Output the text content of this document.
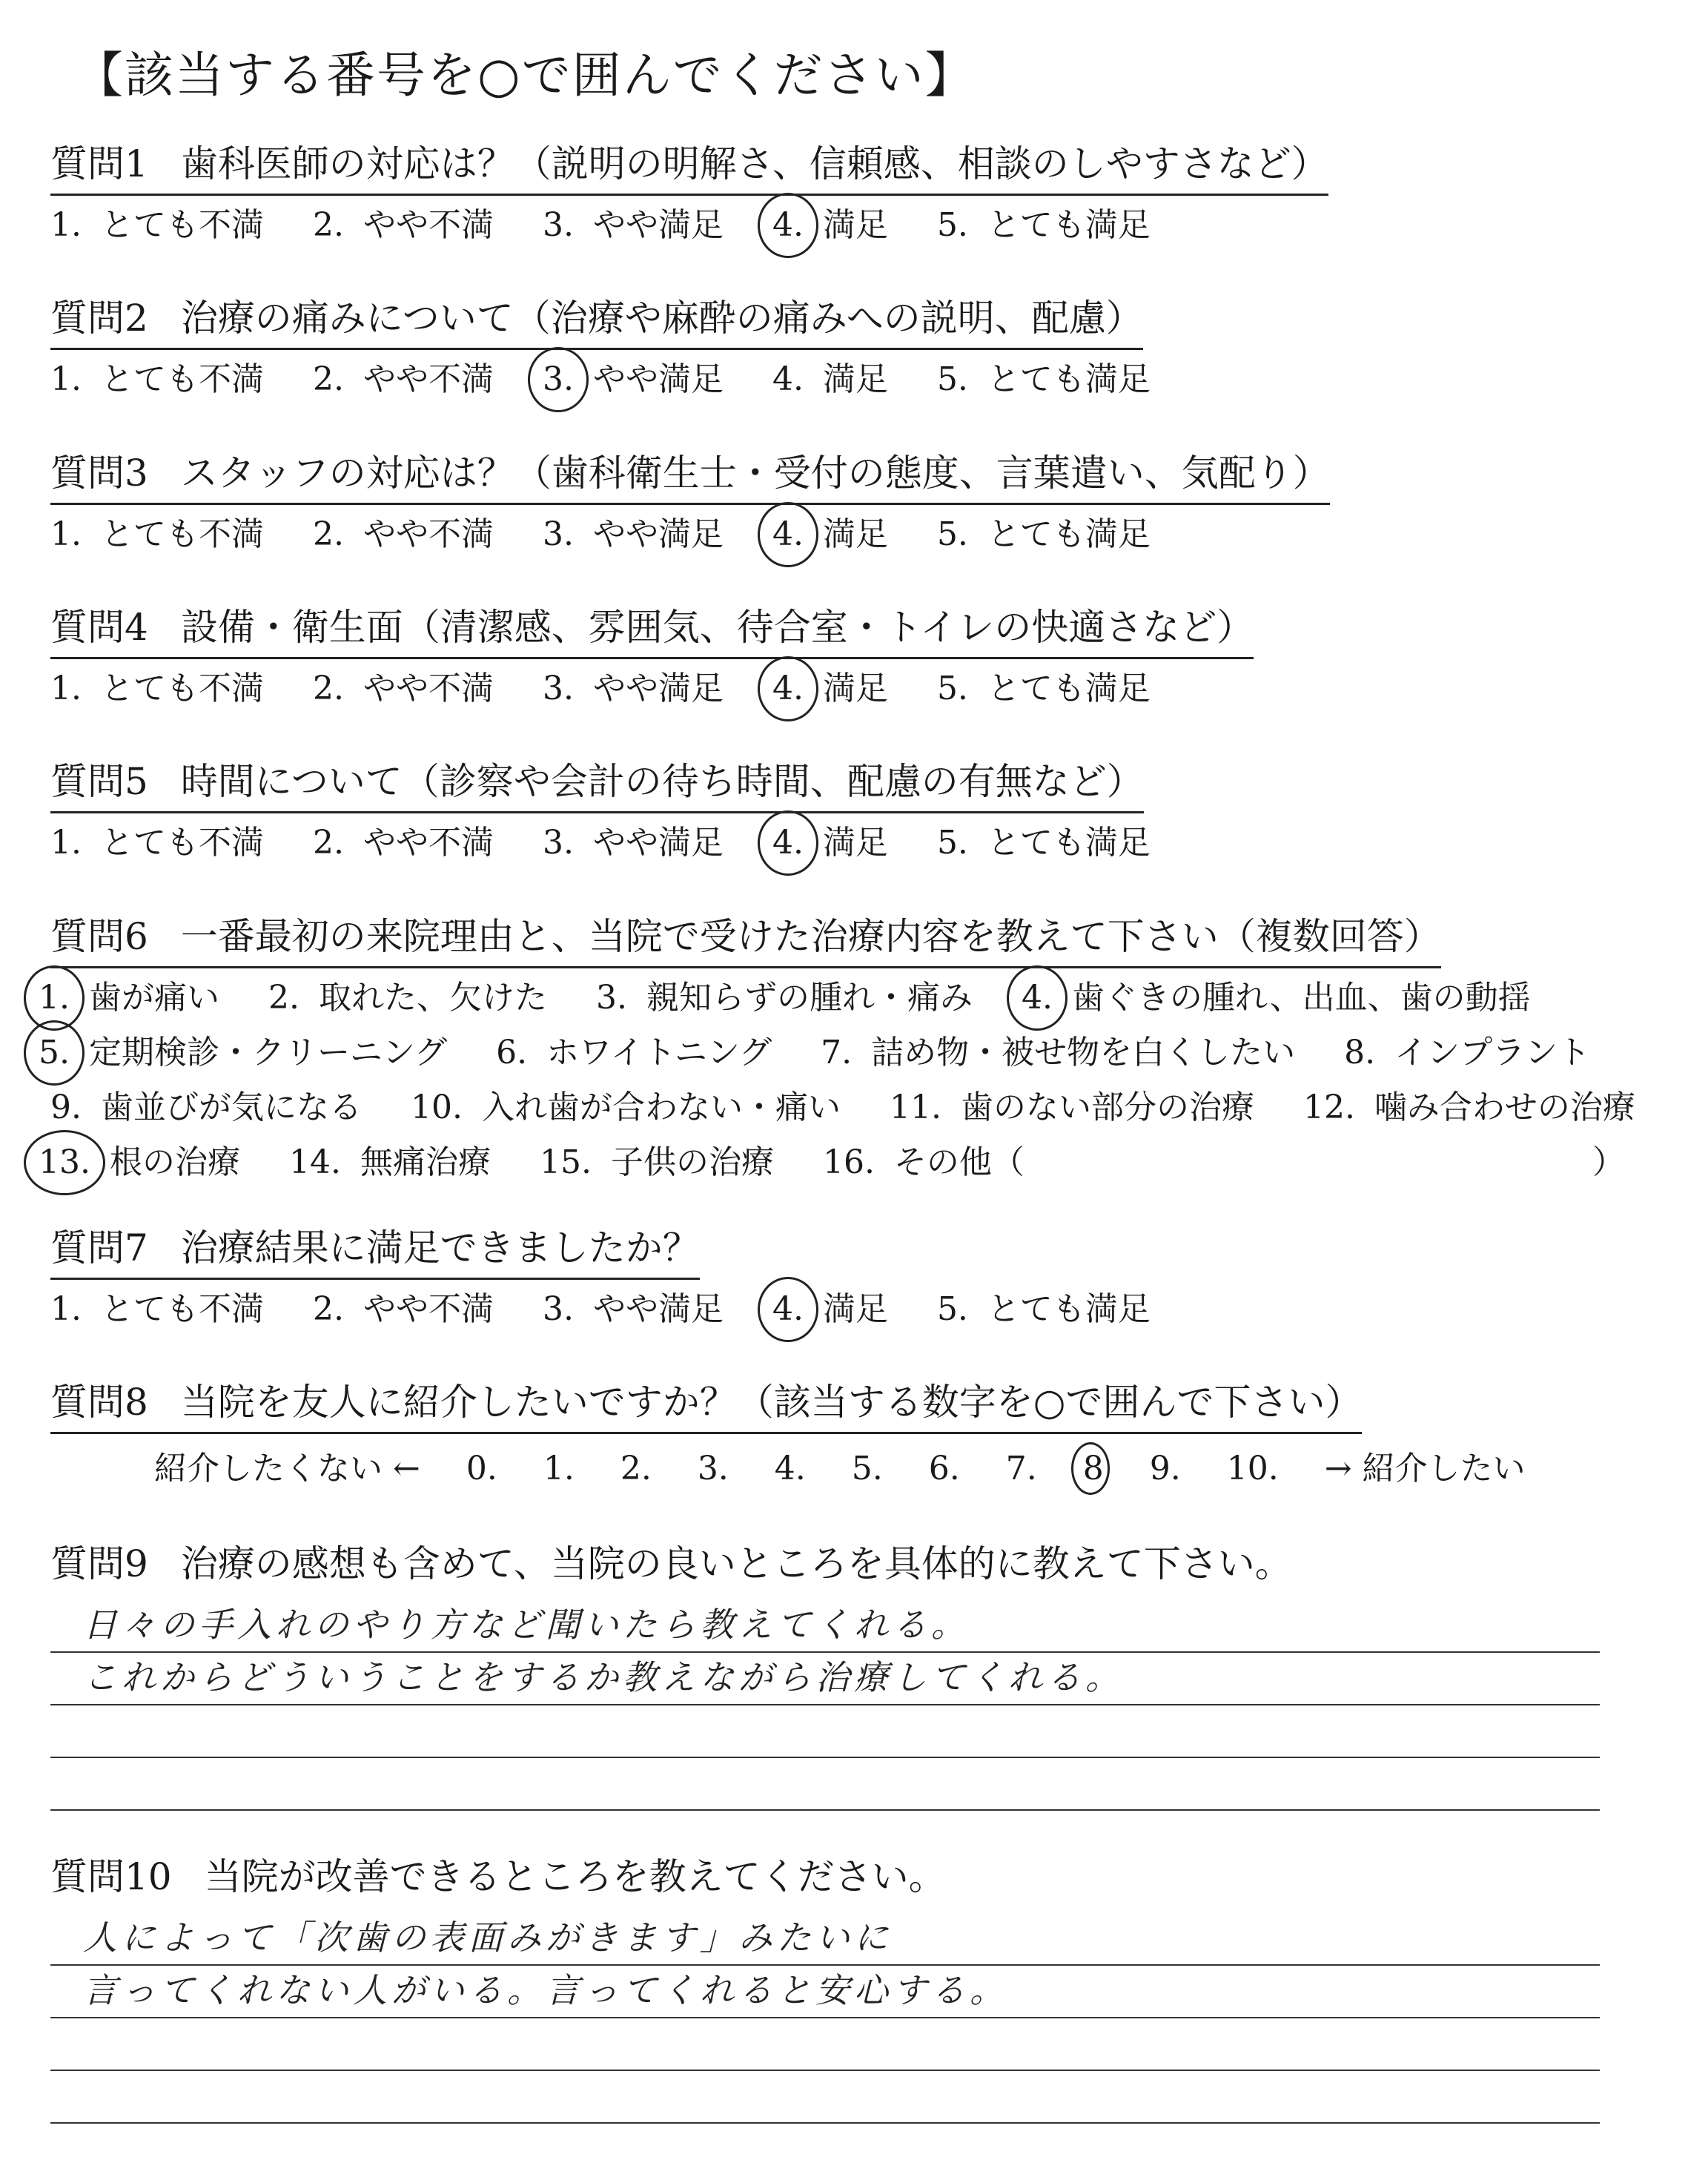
【該当する番号を○で囲んでください】
質問1 歯科医師の対応は？（説明の明解さ、信頼感、相談のしやすさなど）
1. とても不満 2. やや不満 3. やや満足 4. 満足 5. とても満足
質問2 治療の痛みについて（治療や麻酔の痛みへの説明、配慮）
1. とても不満 2. やや不満 3. やや満足 4. 満足 5. とても満足
質問3 スタッフの対応は？（歯科衛生士・受付の態度、言葉遣い、気配り）
1. とても不満 2. やや不満 3. やや満足 4. 満足 5. とても満足
質問4 設備・衛生面（清潔感、雰囲気、待合室・トイレの快適さなど）
1. とても不満 2. やや不満 3. やや満足 4. 満足 5. とても満足
質問5 時間について（診察や会計の待ち時間、配慮の有無など）
1. とても不満 2. やや不満 3. やや満足 4. 満足 5. とても満足
質問6 一番最初の来院理由と、当院で受けた治療内容を教えて下さい（複数回答）
1. 歯が痛い 2. 取れた、欠けた 3. 親知らずの腫れ・痛み 4. 歯ぐきの腫れ、出血、歯の動揺
5. 定期検診・クリーニング 6. ホワイトニング 7. 詰め物・被せ物を白くしたい 8. インプラント
9. 歯並びが気になる 10. 入れ歯が合わない・痛い 11. 歯のない部分の治療 12. 噛み合わせの治療
13. 根の治療 14. 無痛治療 15. 子供の治療 16. その他（	）
質問7 治療結果に満足できましたか？
1. とても不満 2. やや不満 3. やや満足 4. 満足 5. とても満足
質問8 当院を友人に紹介したいですか？（該当する数字を○で囲んで下さい）
紹介したくない ← 0. 1. 2. 3. 4. 5. 6. 7. 8 9. 10. → 紹介したい
質問9 治療の感想も含めて、当院の良いところを具体的に教えて下さい。
日々の手入れのやり方など聞いたら教えてくれる。
これからどういうことをするか教えながら治療してくれる。
質問10 当院が改善できるところを教えてください。
人によって「次歯の表面みがきます」みたいに
言ってくれない人がいる。言ってくれると安心する。
